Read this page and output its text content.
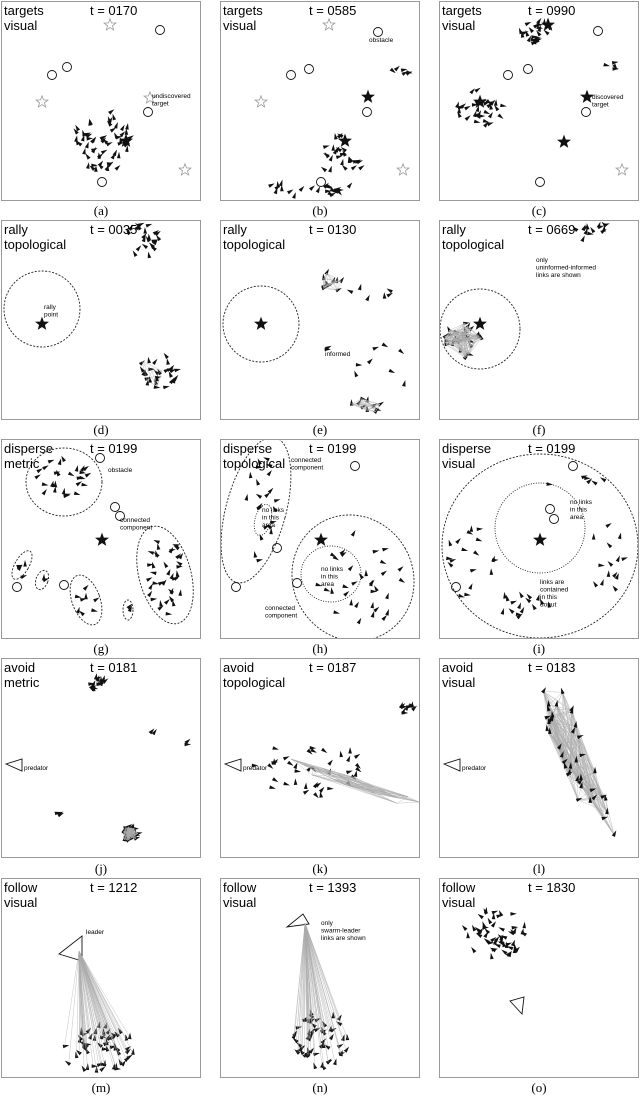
undiscovered target
targets
visual
t = 0170
(a)
obstacle
targets
visual
t = 0585
(b)
discovered target
targets
visual
t = 0990
(c)
rally point
rally
topological
t = 0035
(d)
informed
rally
topological
t = 0130
(e)
only uninformed-informed links are shown
rally
topological
t = 0669
(f)
obstacle
connected component
disperse
metric
t = 0199
(g)
connected component
no links in this area
no links in this area
connected component
disperse
topological
t = 0199
(h)
no links in this area
links are contained in this donut
disperse
visual
t = 0199
(i)
predator
avoid
metric
t = 0181
(j)
predator
avoid
topological
t = 0187
(k)
predator
avoid
visual
t = 0183
(l)
leader
follow
visual
t = 1212
(m)
only swarm-leader links are shown
follow
visual
t = 1393
(n)
follow
visual
t = 1830
(o)
